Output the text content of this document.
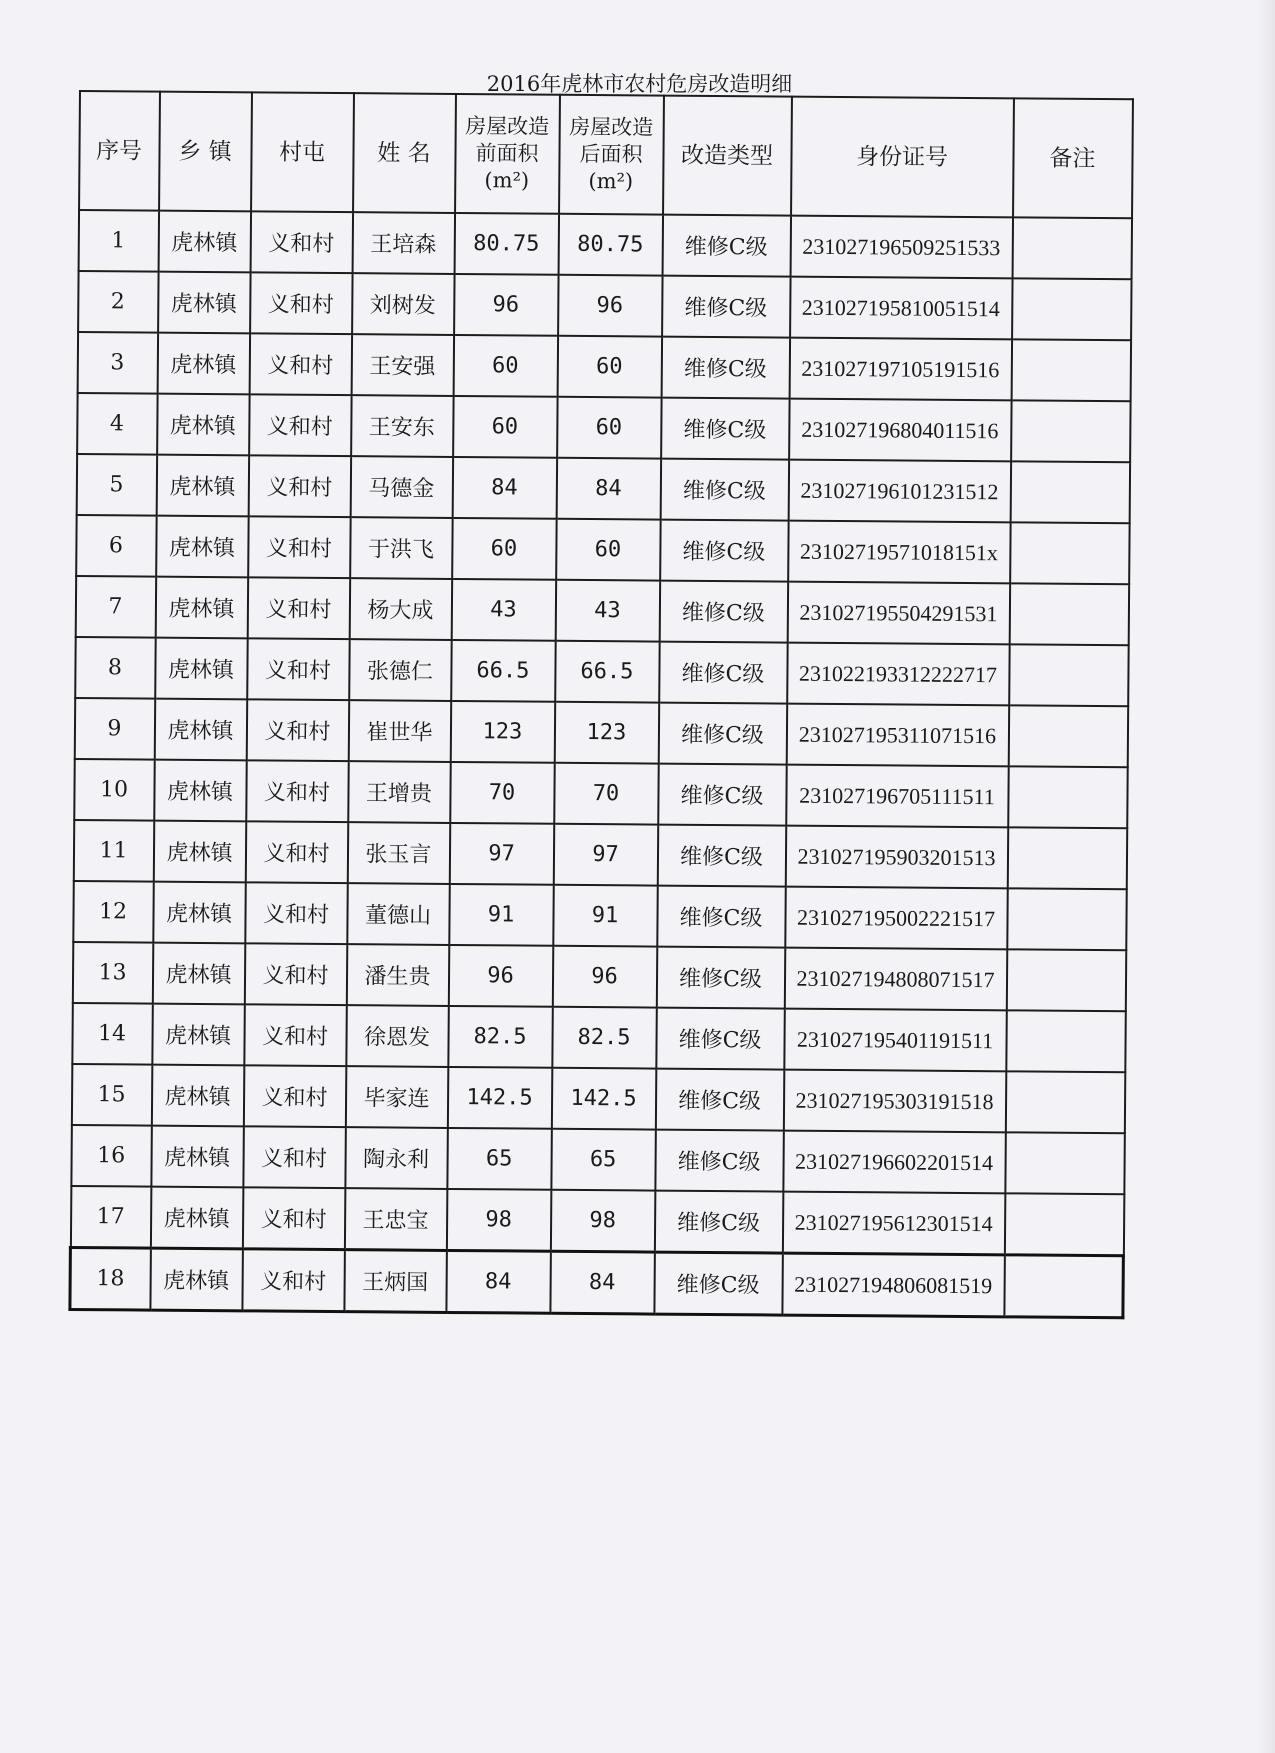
2016年虎林市农村危房改造明细
序号	乡 镇	村屯	姓 名	房屋改造前面积(m²)	房屋改造后面积(m²)	改造类型	身份证号	备注
1	虎林镇	义和村	王培森	80.75	80.75	维修C级	231027196509251533	
2	虎林镇	义和村	刘树发	96	96	维修C级	231027195810051514	
3	虎林镇	义和村	王安强	60	60	维修C级	231027197105191516	
4	虎林镇	义和村	王安东	60	60	维修C级	231027196804011516	
5	虎林镇	义和村	马德金	84	84	维修C级	231027196101231512	
6	虎林镇	义和村	于洪飞	60	60	维修C级	23102719571018151x	
7	虎林镇	义和村	杨大成	43	43	维修C级	231027195504291531	
8	虎林镇	义和村	张德仁	66.5	66.5	维修C级	231022193312222717	
9	虎林镇	义和村	崔世华	123	123	维修C级	231027195311071516	
10	虎林镇	义和村	王增贵	70	70	维修C级	231027196705111511	
11	虎林镇	义和村	张玉言	97	97	维修C级	231027195903201513	
12	虎林镇	义和村	董德山	91	91	维修C级	231027195002221517	
13	虎林镇	义和村	潘生贵	96	96	维修C级	231027194808071517	
14	虎林镇	义和村	徐恩发	82.5	82.5	维修C级	231027195401191511	
15	虎林镇	义和村	毕家连	142.5	142.5	维修C级	231027195303191518	
16	虎林镇	义和村	陶永利	65	65	维修C级	231027196602201514	
17	虎林镇	义和村	王忠宝	98	98	维修C级	231027195612301514	
18	虎林镇	义和村	王炳国	84	84	维修C级	231027194806081519	
